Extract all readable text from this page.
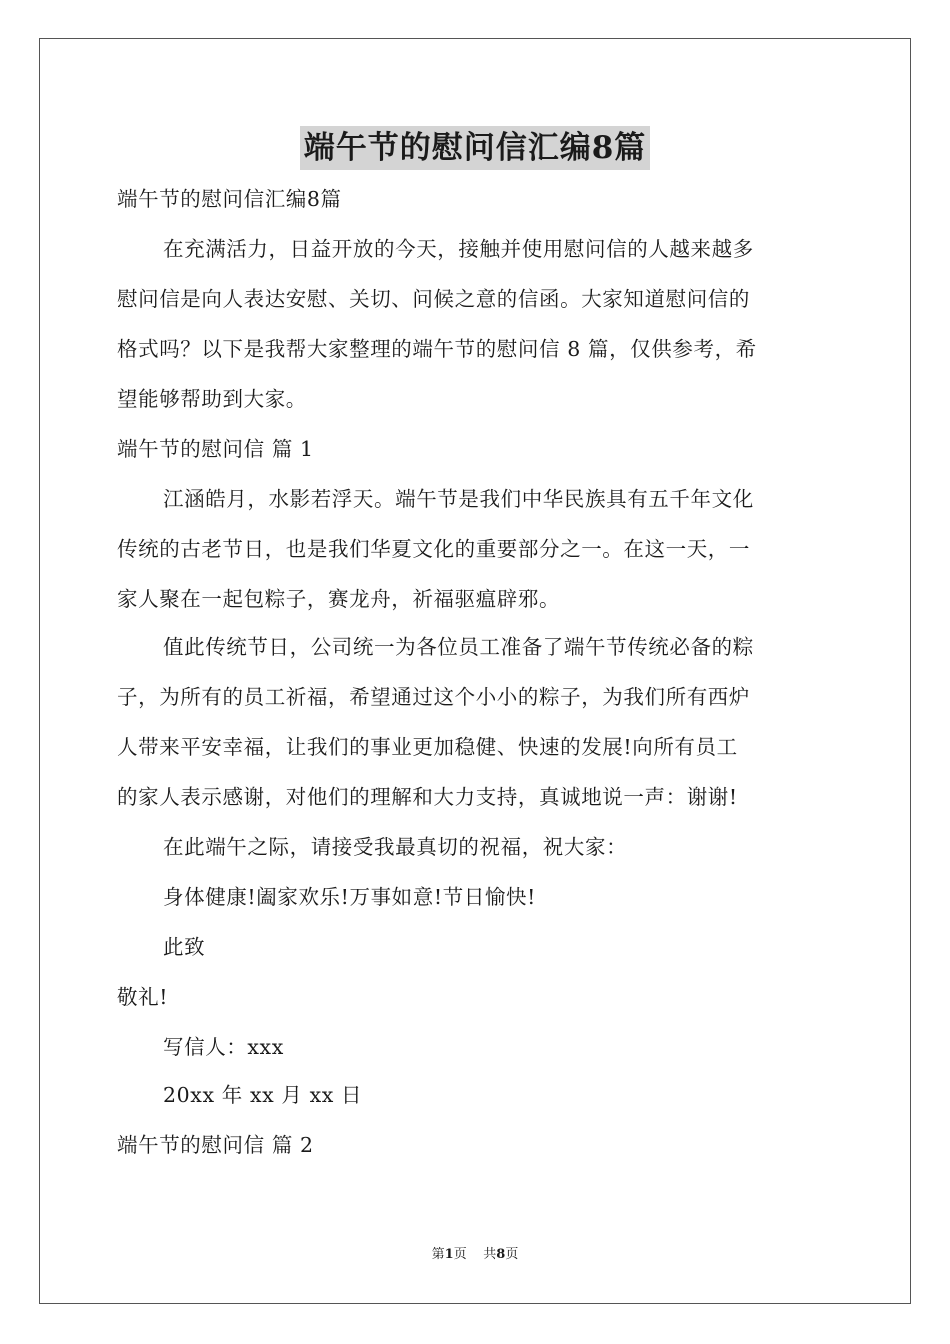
端午节的慰问信汇编8篇
端午节的慰问信汇编8篇
在充满活力，日益开放的今天，接触并使用慰问信的人越来越多
慰问信是向人表达安慰、关切、问候之意的信函。大家知道慰问信的
格式吗？以下是我帮大家整理的端午节的慰问信 8 篇，仅供参考，希
望能够帮助到大家。
端午节的慰问信 篇 1
江涵皓月，水影若浮天。端午节是我们中华民族具有五千年文化
传统的古老节日，也是我们华夏文化的重要部分之一。在这一天，一
家人聚在一起包粽子，赛龙舟，祈福驱瘟辟邪。
值此传统节日，公司统一为各位员工准备了端午节传统必备的粽
子，为所有的员工祈福，希望通过这个小小的粽子，为我们所有西炉
人带来平安幸福，让我们的事业更加稳健、快速的发展!向所有员工
的家人表示感谢，对他们的理解和大力支持，真诚地说一声：谢谢!
在此端午之际，请接受我最真切的祝福，祝大家：
身体健康!阖家欢乐!万事如意!节日愉快!
此致
敬礼!
写信人：xxx
20xx 年 xx 月 xx 日
端午节的慰问信 篇 2
第1页 共8页
